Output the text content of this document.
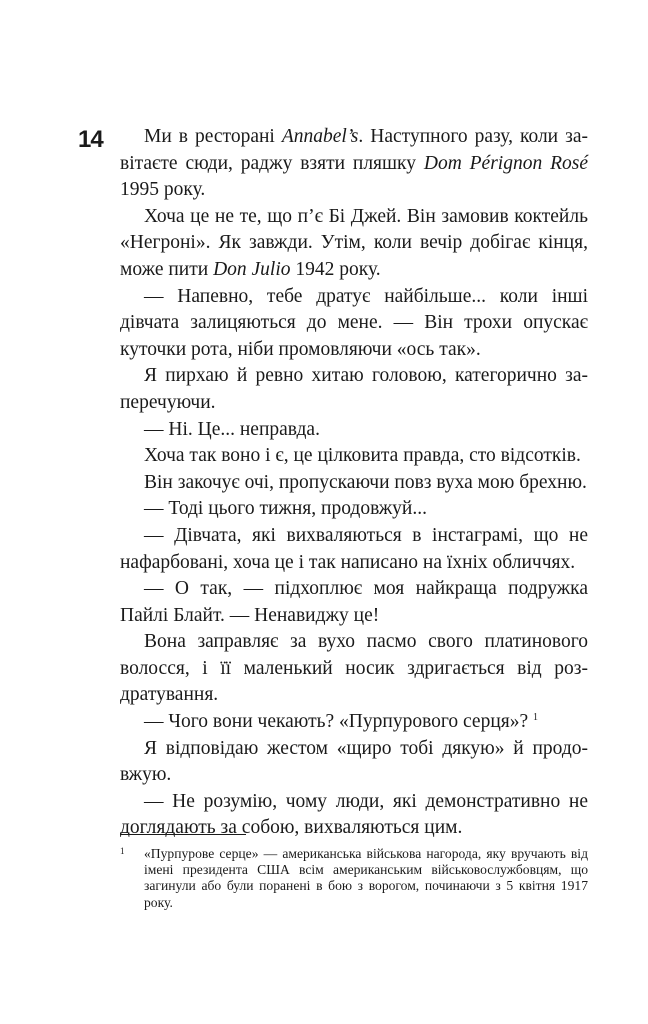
14	Ми в ресторані Annabel’s. Наступного разу, коли завітаєте сюди, раджу взяти пляшку Dom Pérignon Rosé 1995 року.

Хоча це не те, що п’є Бі Джей. Він замовив коктейль «Негроні». Як завжди. Утім, коли вечір добігає кінця, може пити Don Julio 1942 року.

— Напевно, тебе дратує найбільше... коли інші дівчата залицяються до мене. — Він трохи опускає куточки рота, ніби промовляючи «ось так».

Я пирхаю й ревно хитаю головою, категорично заперечуючи.

— Ні. Це... неправда.

Хоча так воно і є, це цілковита правда, сто відсотків.

Він закочує очі, пропускаючи повз вуха мою брехню.

— Тоді цього тижня, продовжуй...

— Дівчата, які вихваляються в інстаграмі, що не нафарбовані, хоча це і так написано на їхніх обличчях.

— О так, — підхоплює моя найкраща подружка Пайлі Блайт. — Ненавиджу це!

Вона заправляє за вухо пасмо свого платинового волосся, і її маленький носик здригається від роздратування.

— Чого вони чекають? «Пурпурового серця»? $^1$

Я відповідаю жестом «щиро тобі дякую» й продовжую.

— Не розумію, чому люди, які демонстративно не доглядають за собою, вихваляються цим.

1 «Пурпурове серце» — американська військова нагорода, яку вручають від імені президента США всім американським військовослужбовцям, що загинули або були поранені в бою з ворогом, починаючи з 5 квітня 1917 року.
